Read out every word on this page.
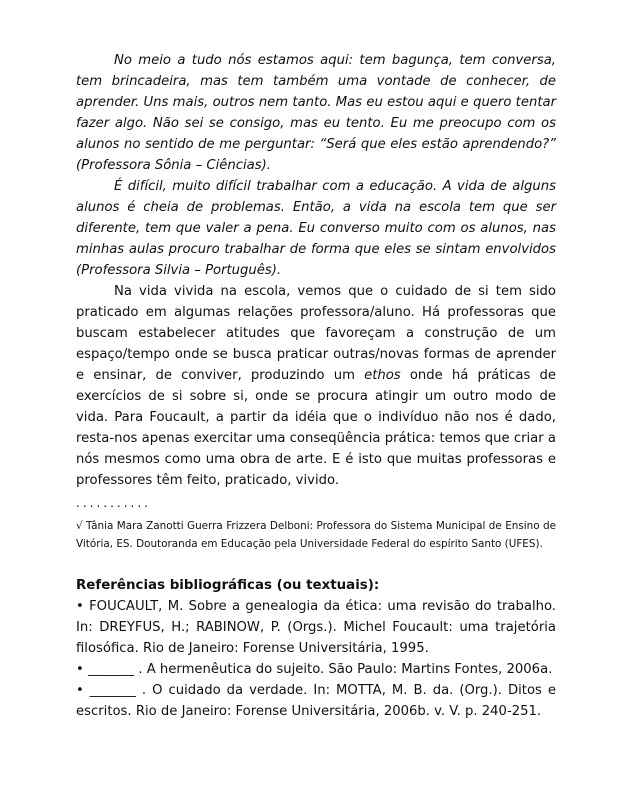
No meio a tudo nós estamos aqui: tem bagunça, tem conversa, tem brincadeira, mas tem também uma vontade de conhecer, de aprender. Uns mais, outros nem tanto. Mas eu estou aqui e quero tentar fazer algo. Não sei se consigo, mas eu tento. Eu me preocupo com os alunos no sentido de me perguntar: “Será que eles estão aprendendo?” (Professora Sônia – Ciências).

É difícil, muito difícil trabalhar com a educação. A vida de alguns alunos é cheia de problemas. Então, a vida na escola tem que ser diferente, tem que valer a pena. Eu converso muito com os alunos, nas minhas aulas procuro trabalhar de forma que eles se sintam envolvidos (Professora Silvia – Português).

Na vida vivida na escola, vemos que o cuidado de si tem sido praticado em algumas relações professora/aluno. Há professoras que buscam estabelecer atitudes que favoreçam a construção de um espaço/tempo onde se busca praticar outras/novas formas de aprender e ensinar, de conviver, produzindo um ethos onde há práticas de exercícios de si sobre si, onde se procura atingir um outro modo de vida. Para Foucault, a partir da idéia que o indivíduo não nos é dado, resta-nos apenas exercitar uma conseqüência prática: temos que criar a nós mesmos como uma obra de arte. E é isto que muitas professoras e professores têm feito, praticado, vivido.

...........
√ Tânia Mara Zanotti Guerra Frizzera Delboni: Professora do Sistema Municipal de Ensino de Vitória, ES. Doutoranda em Educação pela Universidade Federal do espírito Santo (UFES).
Referências bibliográficas (ou textuais):

• FOUCAULT, M. Sobre a genealogia da ética: uma revisão do trabalho. In: DREYFUS, H.; RABINOW, P. (Orgs.). Michel Foucault: uma trajetória filosófica. Rio de Janeiro: Forense Universitária, 1995.

• _______ . A hermenêutica do sujeito. São Paulo: Martins Fontes, 2006a.

• _______ . O cuidado da verdade. In: MOTTA, M. B. da. (Org.). Ditos e escritos. Rio de Janeiro: Forense Universitária, 2006b. v. V. p. 240-251.
